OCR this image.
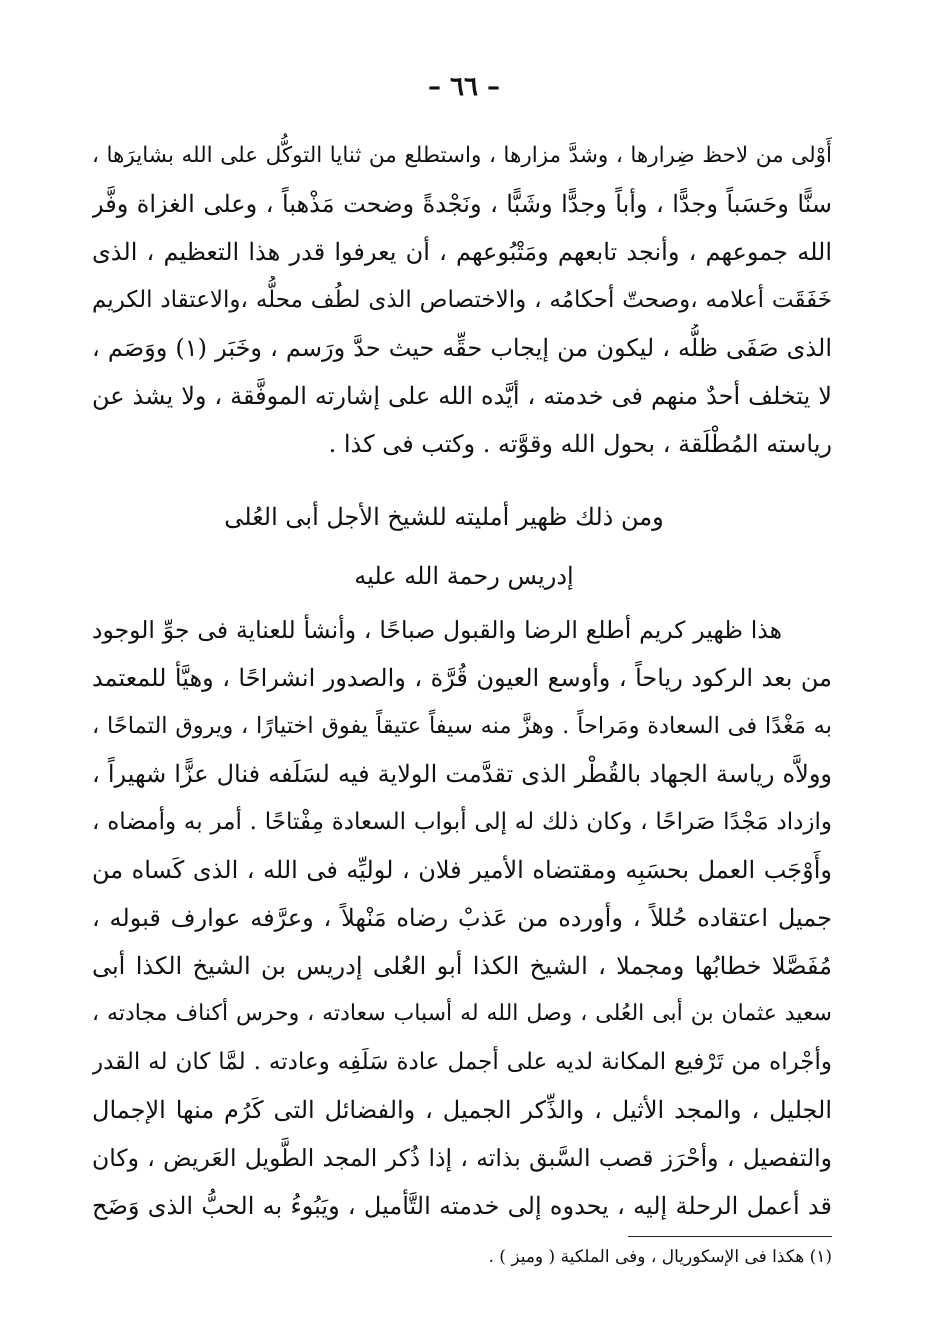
– ٦٦ –
أَوْلى من لاحظ ضِرارها ، وشدَّ مزارها ، واستطلع من ثنايا التوكُّل على الله بشايرَها ،
سنًّا وحَسَباً وجدًّا ، وأباً وجدًّا وشَبًّا ، ونَجْدةً وضحت مَذْهباً ، وعلى الغزاة وفَّر
الله جموعهم ، وأنجد تابعهم ومَتْبُوعهم ، أن يعرفوا قدر هذا التعظيم ، الذى
خَفَقَت أعلامه ،وصحتّ أحكامُه ، والاختصاص الذى لطُف محلُّه ،والاعتقاد الكريم
الذى صَفَى ظلُّه ، ليكون من إيجاب حقِّه حيث حدَّ ورَسم ، وخَبَر (١) ووَصَم ،
لا يتخلف أحدٌ منهم فى خدمته ، أيَّده الله على إشارته الموفَّقة ، ولا يشذ عن
رياسته المُطْلَقة ، بحول الله وقوَّته . وكتب فى كذا .
ومن ذلك ظهير أمليته للشيخ الأجل أبى العُلى
إدريس رحمة الله عليه
هذا ظهير كريم أطلع الرضا والقبول صباحًا ، وأنشأ للعناية فى جوِّ الوجود
من بعد الركود رياحاً ، وأوسع العيون قُرَّة ، والصدور انشراحًا ، وهيَّأ للمعتمد
به مَغْدًا فى السعادة ومَراحاً . وهزَّ منه سيفاً عتيقاً يفوق اختيارًا ، ويروق التماحًا ،
وولاَّه رياسة الجهاد بالقُطْر الذى تقدَّمت الولاية فيه لسَلَفه فنال عزًّا شهيراً ،
وازداد مَجْدًا صَراحًا ، وكان ذلك له إلى أبواب السعادة مِفْتاحًا . أمر به وأمضاه ،
وأَوْجَب العمل بحسَبِه ومقتضاه الأمير فلان ، لوليِّه فى الله ، الذى كَساه من
جميل اعتقاده حُللاً ، وأورده من عَذبْ رضاه مَنْهلاً ، وعرَّفه عوارف قبوله ،
مُفَصَّلا خطابُها ومجملا ، الشيخ الكذا أبو العُلى إدريس بن الشيخ الكذا أبى
سعيد عثمان بن أبى العُلى ، وصل الله له أسباب سعادته ، وحرس أكناف مجادته ،
وأجْراه من تَرْفيع المكانة لديه على أجمل عادة سَلَفِه وعادته . لمَّا كان له القدر
الجليل ، والمجد الأثيل ، والذِّكر الجميل ، والفضائل التى كَرُم منها الإجمال
والتفصيل ، وأحْرَز قصب السَّبق بذاته ، إذا ذُكر المجد الطَّويل العَريض ، وكان
قد أعمل الرحلة إليه ، يحدوه إلى خدمته التَّأميل ، ويَبُوءُ به الحبُّ الذى وَضَح
(١) هكذا فى الإسكوريال ، وفى الملكية ( وميز ) .
